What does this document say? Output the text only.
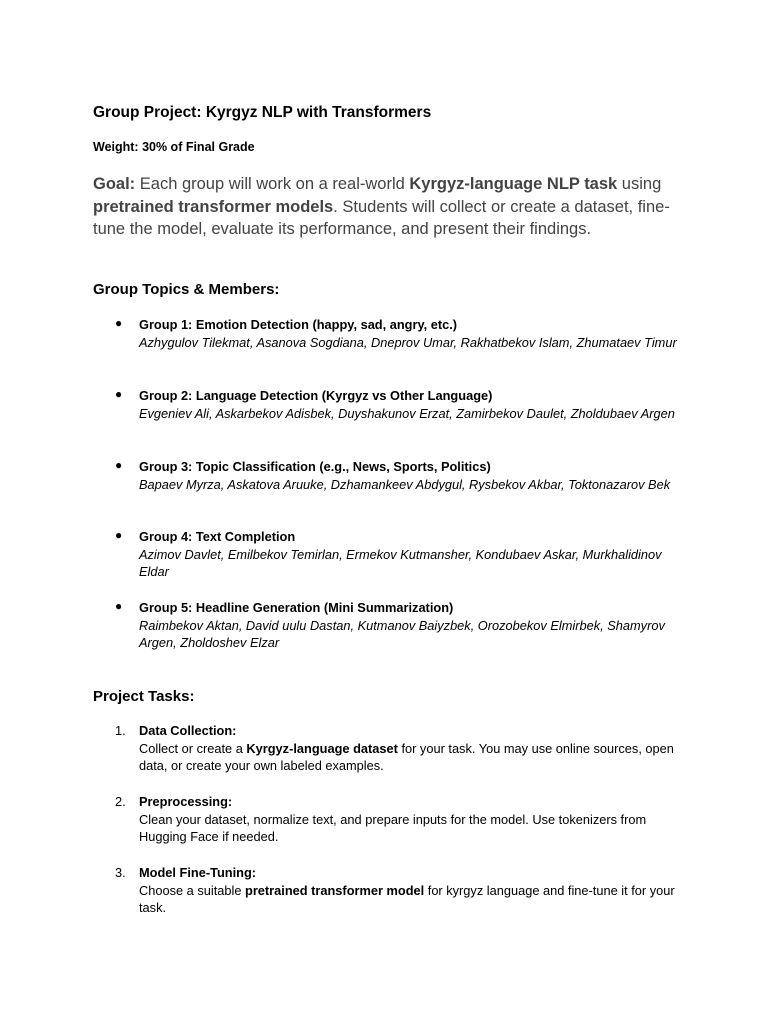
Group Project: Kyrgyz NLP with Transformers
Weight: 30% of Final Grade
Goal: Each group will work on a real-world Kyrgyz-language NLP task using pretrained transformer models. Students will collect or create a dataset, fine-tune the model, evaluate its performance, and present their findings.
Group Topics & Members:
● Group 1: Emotion Detection (happy, sad, angry, etc.)
Azhygulov Tilekmat, Asanova Sogdiana, Dneprov Umar, Rakhatbekov Islam, Zhumataev Timur
● Group 2: Language Detection (Kyrgyz vs Other Language)
Evgeniev Ali, Askarbekov Adisbek, Duyshakunov Erzat, Zamirbekov Daulet, Zholdubaev Argen
● Group 3: Topic Classification (e.g., News, Sports, Politics)
Bapaev Myrza, Askatova Aruuke, Dzhamankeev Abdygul, Rysbekov Akbar, Toktonazarov Bek
● Group 4: Text Completion
Azimov Davlet, Emilbekov Temirlan, Ermekov Kutmansher, Kondubaev Askar, Murkhalidinov Eldar
● Group 5: Headline Generation (Mini Summarization)
Raimbekov Aktan, David uulu Dastan, Kutmanov Baiyzbek, Orozobekov Elmirbek, Shamyrov Argen, Zholdoshev Elzar
Project Tasks:
1. Data Collection:
Collect or create a Kyrgyz-language dataset for your task. You may use online sources, open data, or create your own labeled examples.
2. Preprocessing:
Clean your dataset, normalize text, and prepare inputs for the model. Use tokenizers from Hugging Face if needed.
3. Model Fine-Tuning:
Choose a suitable pretrained transformer model for kyrgyz language and fine-tune it for your task.
